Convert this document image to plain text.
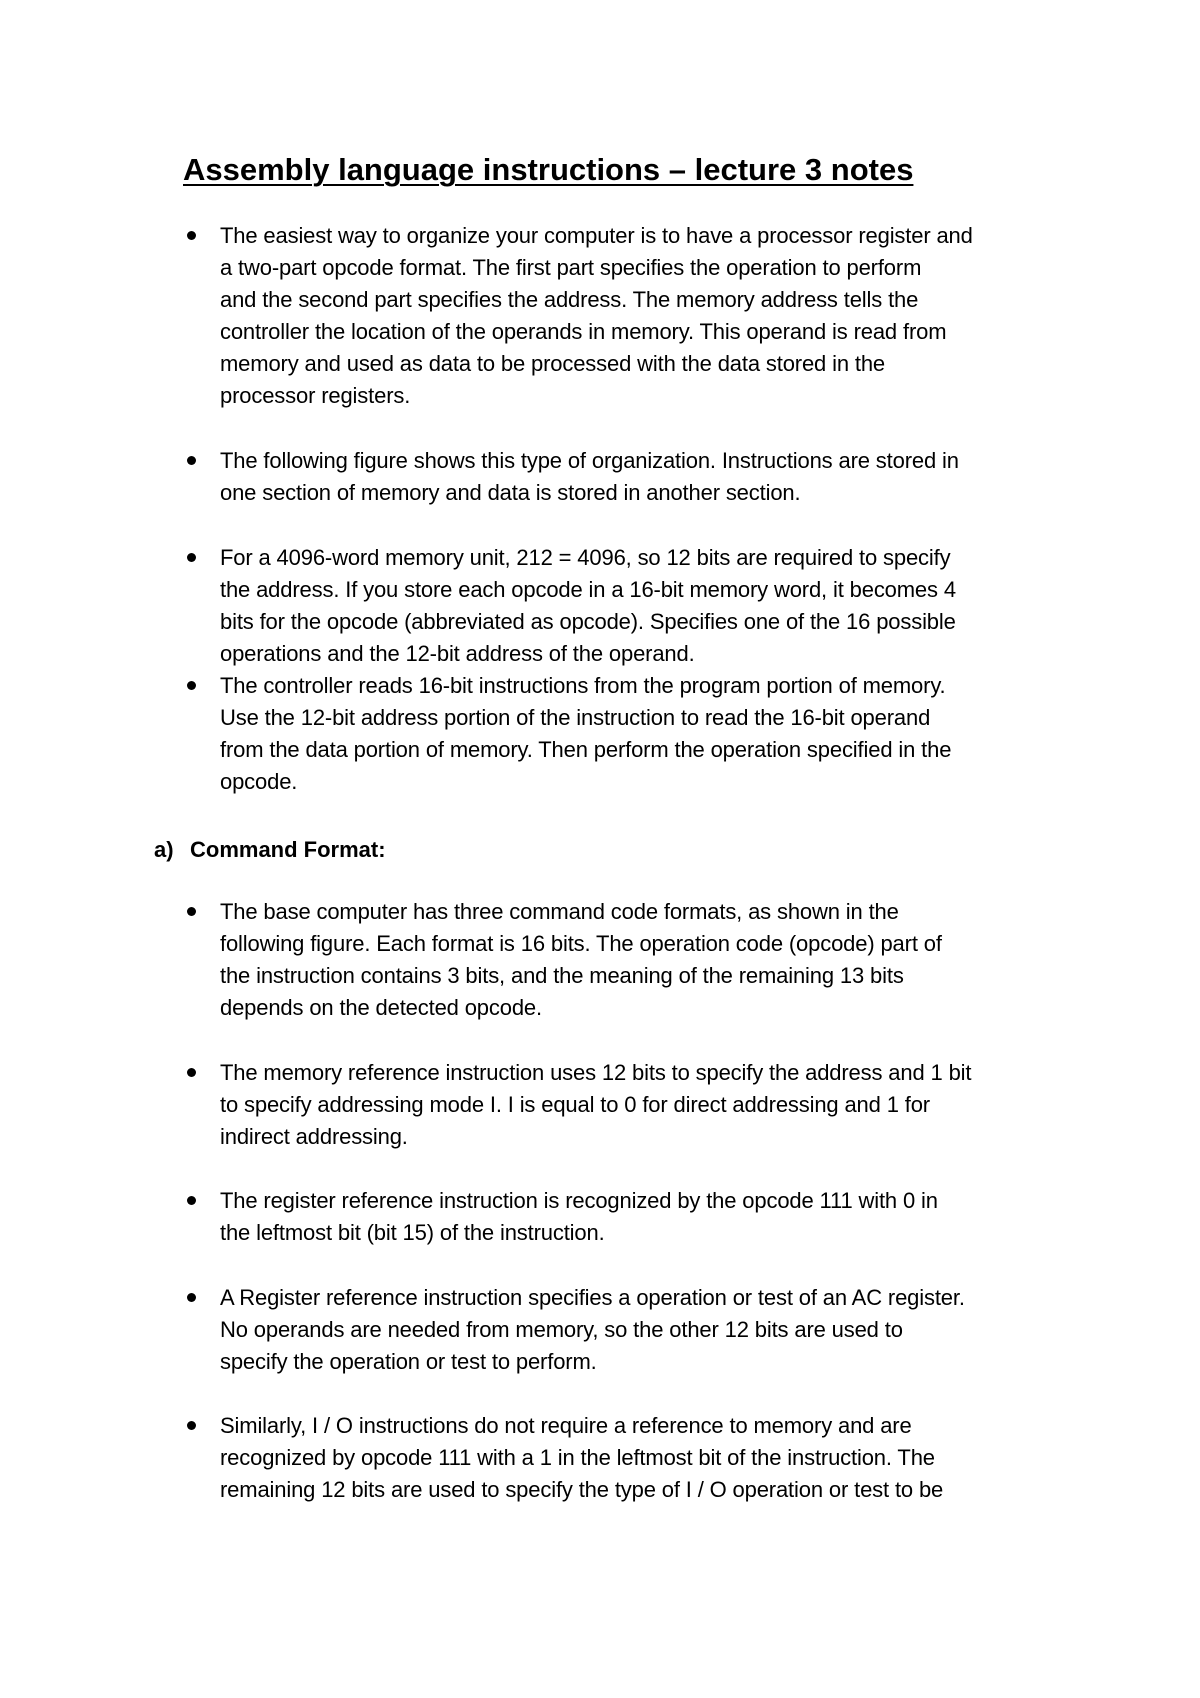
Assembly language instructions – lecture 3 notes
The easiest way to organize your computer is to have a processor register and
a two-part opcode format. The first part specifies the operation to perform
and the second part specifies the address. The memory address tells the
controller the location of the operands in memory. This operand is read from
memory and used as data to be processed with the data stored in the
processor registers.
The following figure shows this type of organization. Instructions are stored in
one section of memory and data is stored in another section.
For a 4096-word memory unit, 212 = 4096, so 12 bits are required to specify
the address. If you store each opcode in a 16-bit memory word, it becomes 4
bits for the opcode (abbreviated as opcode). Specifies one of the 16 possible
operations and the 12-bit address of the operand.
The controller reads 16-bit instructions from the program portion of memory.
Use the 12-bit address portion of the instruction to read the 16-bit operand
from the data portion of memory. Then perform the operation specified in the
opcode.
a) Command Format:
The base computer has three command code formats, as shown in the
following figure. Each format is 16 bits. The operation code (opcode) part of
the instruction contains 3 bits, and the meaning of the remaining 13 bits
depends on the detected opcode.
The memory reference instruction uses 12 bits to specify the address and 1 bit
to specify addressing mode I. I is equal to 0 for direct addressing and 1 for
indirect addressing.
The register reference instruction is recognized by the opcode 111 with 0 in
the leftmost bit (bit 15) of the instruction.
A Register reference instruction specifies a operation or test of an AC register.
No operands are needed from memory, so the other 12 bits are used to
specify the operation or test to perform.
Similarly, I / O instructions do not require a reference to memory and are
recognized by opcode 111 with a 1 in the leftmost bit of the instruction. The
remaining 12 bits are used to specify the type of I / O operation or test to be
